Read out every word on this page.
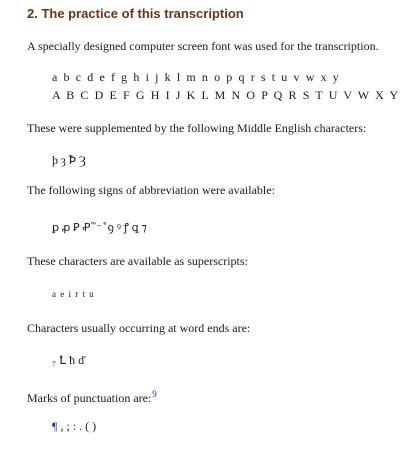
2. The practice of this transcription
A specially designed computer screen font was used for the transcription.
a b c d e f g h i j k l m n o p q r s t u v w x y
A B C D E F G H I J K L M N O P Q R S T U V W X Y
These were supplemented by the following Middle English characters:
þ ȝ Ꝥ Ȝ
The following signs of abbreviation were available:
ꝑ ꝓ Ꝑ Ꝓ ᷑ ⁻ ᷒ ꝯ ꝰ ꝭ ꝗ ⁊
These characters are available as superscripts:
a e i r t u
Characters usually occurring at word ends are:
₇ Ꝉ ħ ď
Marks of punctuation are:$^9$
¶ , ; : . ( )
